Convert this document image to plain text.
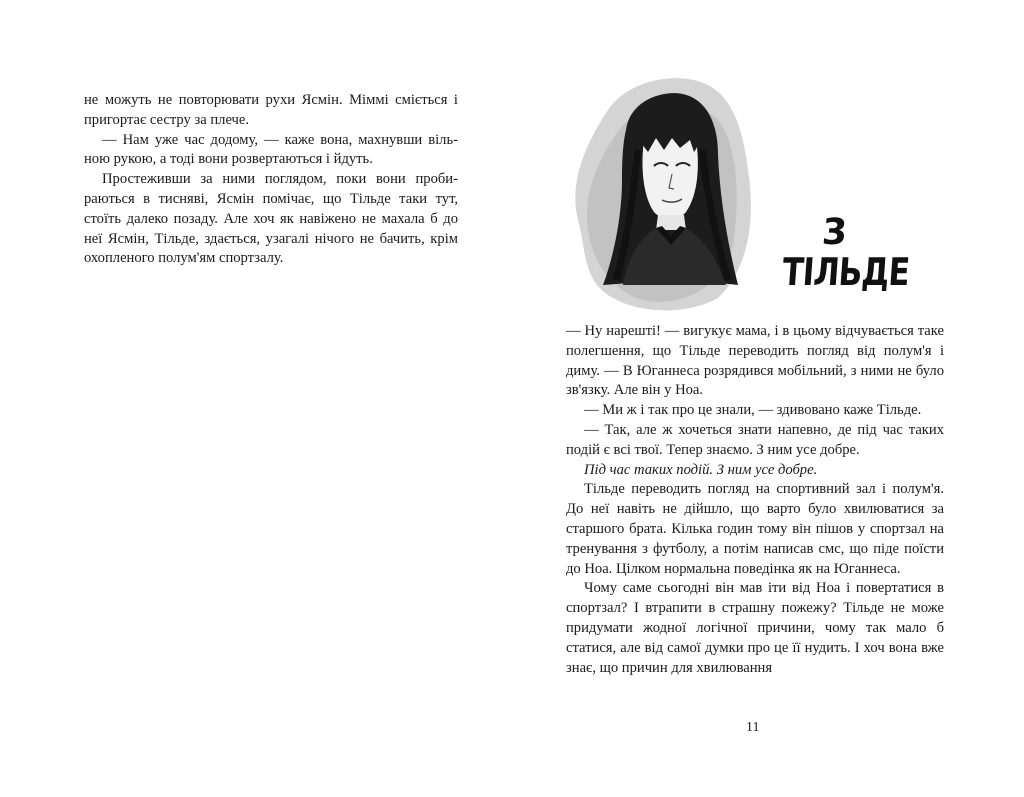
не можуть не повторювати рухи Ясмін. Міммі сміється і пригортає сестру за плече.

— Нам уже час додому, — каже вона, махнувши вільною рукою, а тоді вони розвертаються і йдуть.

Простеживши за ними поглядом, поки вони пробираються в тисняві, Ясмін помічає, що Тільде таки тут, стоїть далеко позаду. Але хоч як навіжено не махала б до неї Ясмін, Тільде, здається, узагалі нічого не бачить, крім охопленого полум'ям спортзалу.

3
ТІЛЬДЕ

— Ну нарешті! — вигукує мама, і в цьому відчувається таке полегшення, що Тільде переводить погляд від полум'я і диму. — В Юганнеса розрядився мобільний, з ними не було зв'язку. Але він у Ноа.

— Ми ж і так про це знали, — здивовано каже Тільде.

— Так, але ж хочеться знати напевно, де під час таких подій є всі твої. Тепер знаємо. З ним усе добре.

Під час таких подій. З ним усе добре.

Тільде переводить погляд на спортивний зал і полум'я. До неї навіть не дійшло, що варто було хвилюватися за старшого брата. Кілька годин тому він пішов у спортзал на тренування з футболу, а потім написав смс, що піде поїсти до Ноа. Цілком нормальна поведінка як на Юганнеса.

Чому саме сьогодні він мав іти від Ноа і повертатися в спортзал? І втрапити в страшну пожежу? Тільде не може придумати жодної логічної причини, чому так мало б статися, але від самої думки про це її нудить. І хоч вона вже знає, що причин для хвилювання

11
